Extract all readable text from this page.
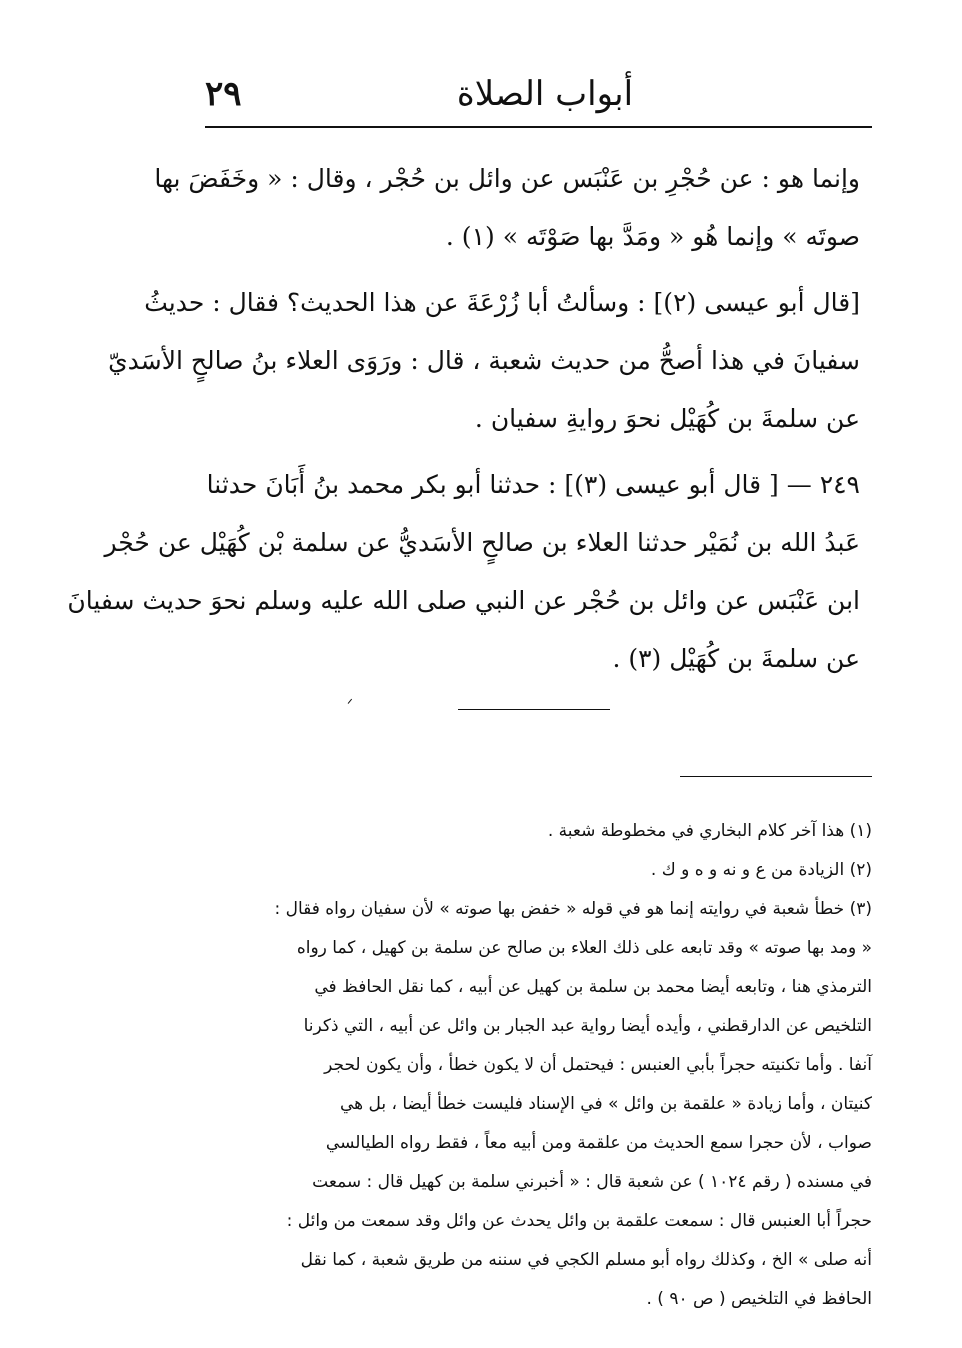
٢٩	أبواب الصلاة
وإنما هو : عن حُجْرِ بن عَنْبَس عن وائل بن حُجْر ، وقال : « وخَفَضَ بها
صوتَه » وإنما هُو « ومَدَّ بها صَوْتَه » (١) .
[قال أبو عيسى (٢)] : وسألتُ أبا زُرْعَةَ عن هذا الحديث؟ فقال : حديثُ
سفيانَ في هذا أصحُّ من حديث شعبة ، قال : ورَوَى العلاء بنُ صالحٍ الأسَديّ
عن سلمةَ بن كُهَيْل نحوَ روايةِ سفيان .
٢٤٩ — [ قال أبو عيسى (٣)] : حدثنا أبو بكر محمد بنُ أَبَانَ حدثنا
عَبدُ الله بن نُمَيْر حدثنا العلاء بن صالحٍ الأسَديُّ عن سلمة بْن كُهَيْل عن حُجْر
ابن عَنْبَس عن وائل بن حُجْر عن النبي صلى الله عليه وسلم نحوَ حديث سفيانَ
عن سلمةَ بن كُهَيْل (٣) .
ᐟ
(١) هذا آخر كلام البخاري في مخطوطة شعبة .
(٢) الزيادة من ع و نه و ه و ك .
(٣) خطأ شعبة في روايته إنما هو في قوله « خفض بها صوته » لأن سفيان رواه فقال :
« ومد بها صوته » وقد تابعه على ذلك العلاء بن صالح عن سلمة بن كهيل ، كما رواه
الترمذي هنا ، وتابعه أيضا محمد بن سلمة بن كهيل عن أبيه ، كما نقل الحافظ في
التلخيص عن الدارقطني ، وأيده أيضا رواية عبد الجبار بن وائل عن أبيه ، التي ذكرنا
آنفا . وأما تكنيته حجراً بأبي العنبس : فيحتمل أن لا يكون خطأ ، وأن يكون لحجر
كنيتان ، وأما زيادة « علقمة بن وائل » في الإسناد فليست خطأ أيضا ، بل هي
صواب ، لأن حجرا سمع الحديث من علقمة ومن أبيه معاً ، فقط رواه الطيالسي
في مسنده ( رقم ١٠٢٤ ) عن شعبة قال : « أخبرني سلمة بن كهيل قال : سمعت
حجراً أبا العنبس قال : سمعت علقمة بن وائل يحدث عن وائل وقد سمعت من وائل :
أنه صلى » الخ ، وكذلك رواه أبو مسلم الكجي في سننه من طريق شعبة ، كما نقل
الحافظ في التلخيص ( ص ٩٠ ) .
